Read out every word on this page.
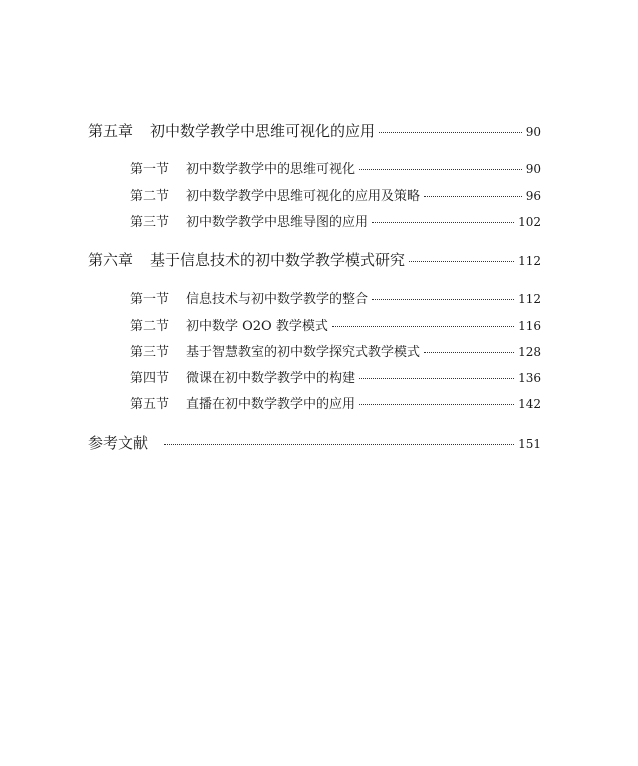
第五章	初中数学教学中思维可视化的应用	90
第一节	初中数学教学中的思维可视化	90
第二节	初中数学教学中思维可视化的应用及策略	96
第三节	初中数学教学中思维导图的应用	102
第六章	基于信息技术的初中数学教学模式研究	112
第一节	信息技术与初中数学教学的整合	112
第二节	初中数学 O2O 教学模式	116
第三节	基于智慧教室的初中数学探究式教学模式	128
第四节	微课在初中数学教学中的构建	136
第五节	直播在初中数学教学中的应用	142
参考文献	151
